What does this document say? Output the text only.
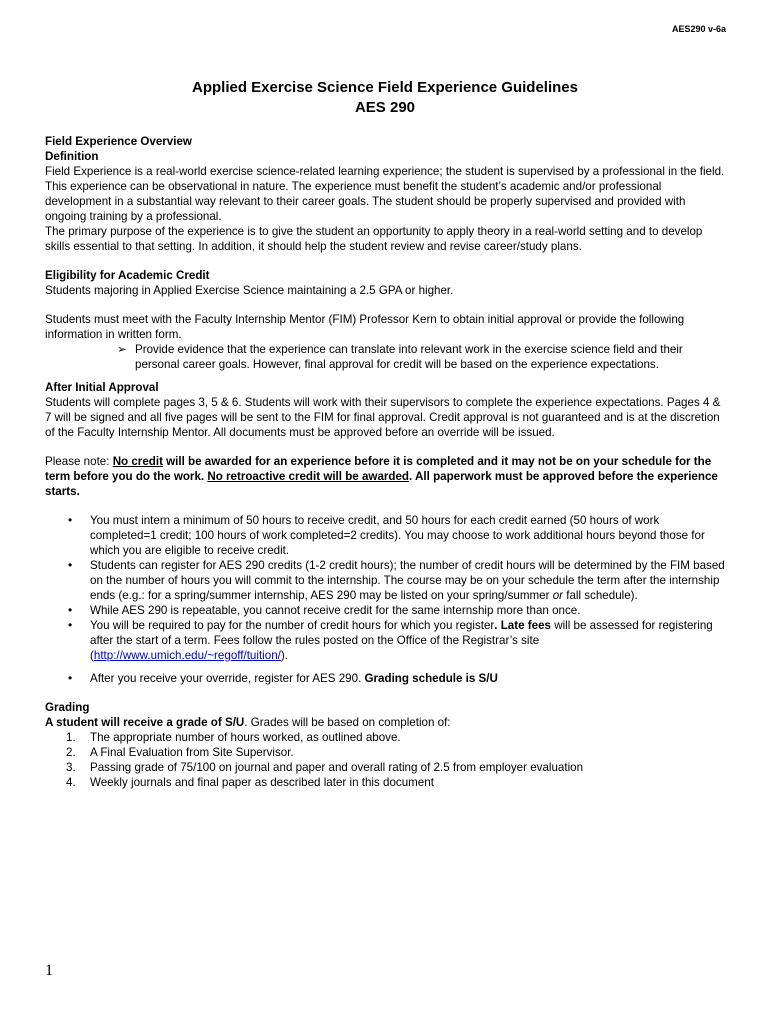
AES290 v-6a
Applied Exercise Science Field Experience Guidelines
AES 290

Field Experience Overview

Definition

Field Experience is a real-world exercise science-related learning experience; the student is supervised by a professional in the field. This experience can be observational in nature. The experience must benefit the student’s academic and/or professional development in a substantial way relevant to their career goals. The student should be properly supervised and provided with ongoing training by a professional.

The primary purpose of the experience is to give the student an opportunity to apply theory in a real-world setting and to develop skills essential to that setting. In addition, it should help the student review and revise career/study plans.

Eligibility for Academic Credit

Students majoring in Applied Exercise Science maintaining a 2.5 GPA or higher.

Students must meet with the Faculty Internship Mentor (FIM) Professor Kern to obtain initial approval or provide the following information in written form.

➢ Provide evidence that the experience can translate into relevant work in the exercise science field and their personal career goals. However, final approval for credit will be based on the experience expectations.

After Initial Approval

Students will complete pages 3, 5 & 6. Students will work with their supervisors to complete the experience expectations. Pages 4 & 7 will be signed and all five pages will be sent to the FIM for final approval. Credit approval is not guaranteed and is at the discretion of the Faculty Internship Mentor. All documents must be approved before an override will be issued.

Please note: No credit will be awarded for an experience before it is completed and it may not be on your schedule for the term before you do the work. No retroactive credit will be awarded. All paperwork must be approved before the experience starts.

• You must intern a minimum of 50 hours to receive credit, and 50 hours for each credit earned (50 hours of work completed=1 credit; 100 hours of work completed=2 credits). You may choose to work additional hours beyond those for which you are eligible to receive credit.
• Students can register for AES 290 credits (1-2 credit hours); the number of credit hours will be determined by the FIM based on the number of hours you will commit to the internship. The course may be on your schedule the term after the internship ends (e.g.: for a spring/summer internship, AES 290 may be listed on your spring/summer or fall schedule).
• While AES 290 is repeatable, you cannot receive credit for the same internship more than once.
• You will be required to pay for the number of credit hours for which you register. Late fees will be assessed for registering after the start of a term. Fees follow the rules posted on the Office of the Registrar’s site (http://www.umich.edu/~regoff/tuition/).
• After you receive your override, register for AES 290. Grading schedule is S/U

Grading

A student will receive a grade of S/U. Grades will be based on completion of:

1. The appropriate number of hours worked, as outlined above.
2. A Final Evaluation from Site Supervisor.
3. Passing grade of 75/100 on journal and paper and overall rating of 2.5 from employer evaluation
4. Weekly journals and final paper as described later in this document
1
